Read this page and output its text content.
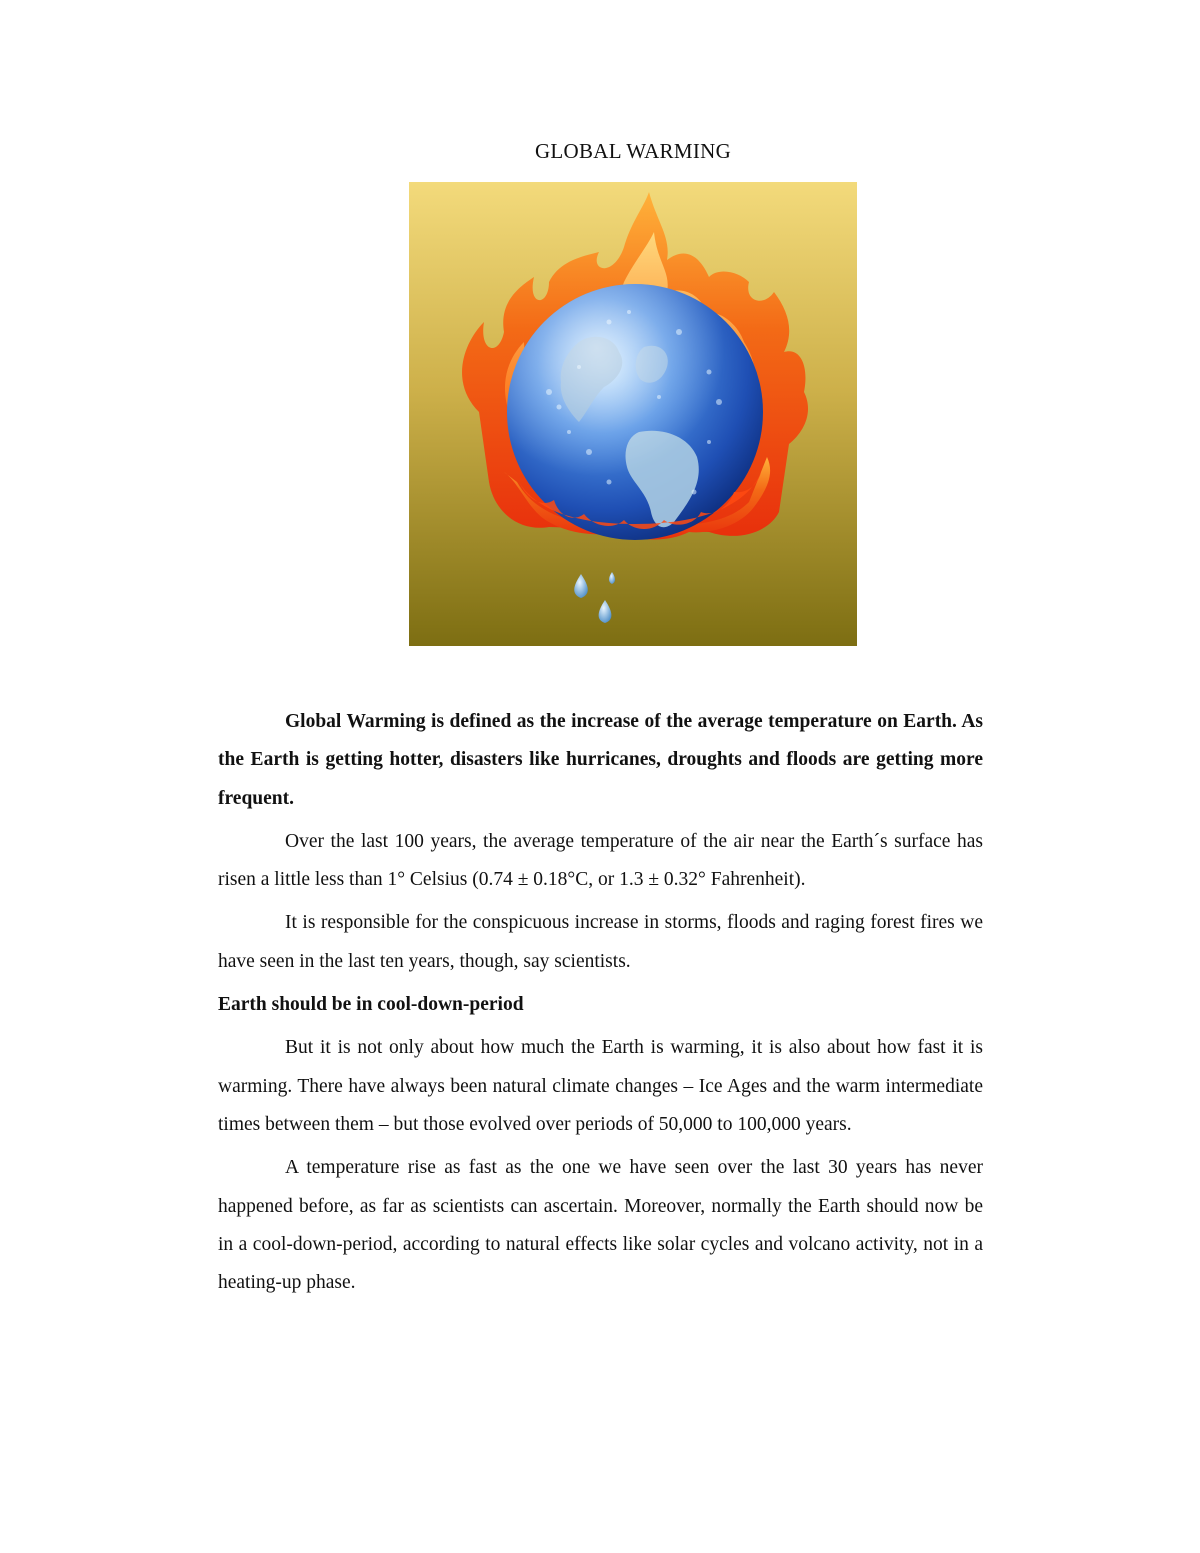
GLOBAL WARMING

Global Warming is defined as the increase of the average temperature on Earth. As the Earth is getting hotter, disasters like hurricanes, droughts and floods are getting more frequent.

Over the last 100 years, the average temperature of the air near the Earth´s surface has risen a little less than 1° Celsius (0.74 ± 0.18°C, or 1.3 ± 0.32° Fahrenheit).

It is responsible for the conspicuous increase in storms, floods and raging forest fires we have seen in the last ten years, though, say scientists.

Earth should be in cool-down-period

But it is not only about how much the Earth is warming, it is also about how fast it is warming. There have always been natural climate changes – Ice Ages and the warm intermediate times between them – but those evolved over periods of 50,000 to 100,000 years.

A temperature rise as fast as the one we have seen over the last 30 years has never happened before, as far as scientists can ascertain. Moreover, normally the Earth should now be in a cool-down-period, according to natural effects like solar cycles and volcano activity, not in a heating-up phase.
